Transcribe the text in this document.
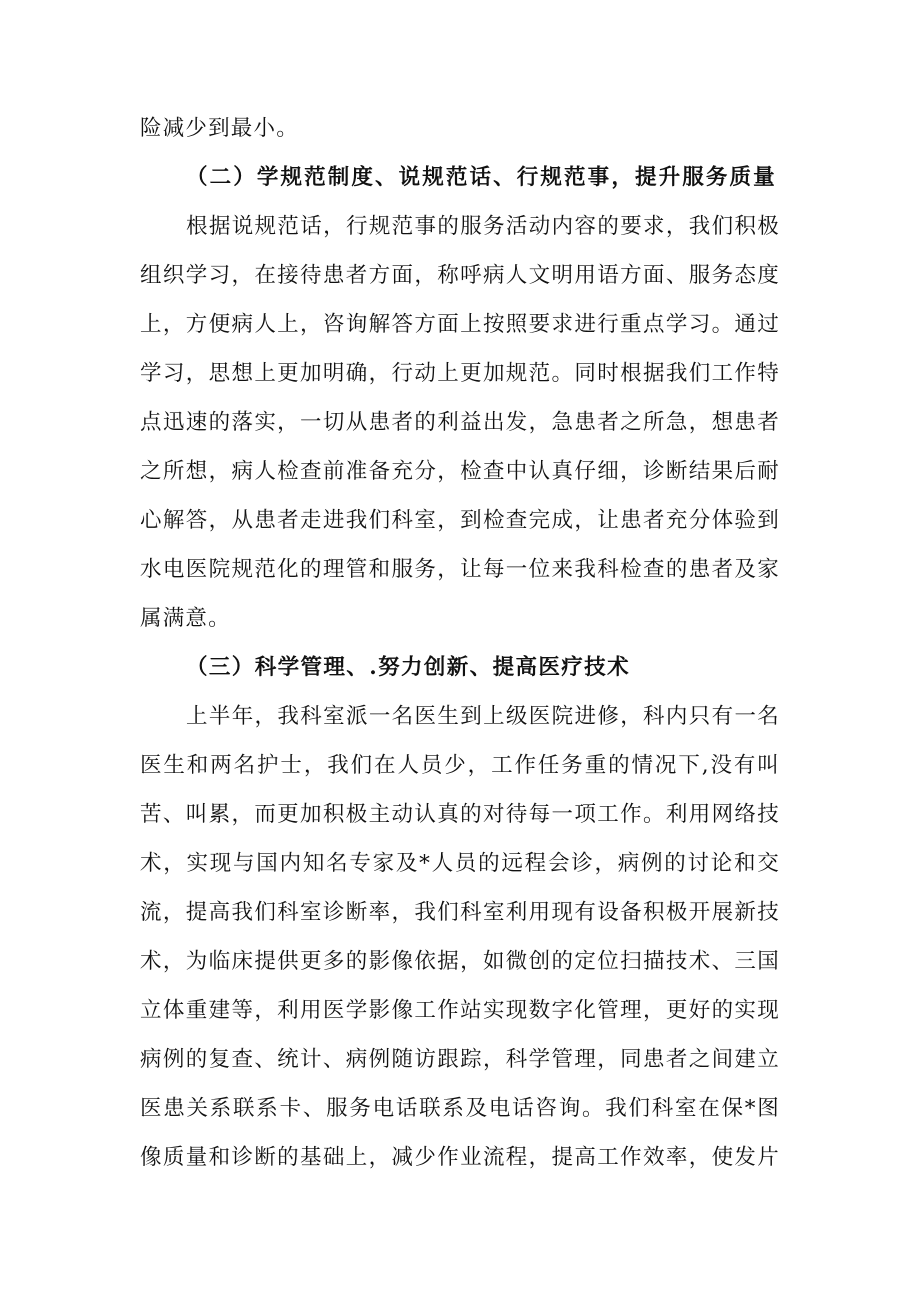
险减少到最小。
（二）学规范制度、说规范话、行规范事，提升服务质量
根据说规范话，行规范事的服务活动内容的要求，我们积极
组织学习，在接待患者方面，称呼病人文明用语方面、服务态度
上，方便病人上，咨询解答方面上按照要求进行重点学习。通过
学习，思想上更加明确，行动上更加规范。同时根据我们工作特
点迅速的落实，一切从患者的利益出发，急患者之所急，想患者
之所想，病人检查前准备充分，检查中认真仔细，诊断结果后耐
心解答，从患者走进我们科室，到检查完成，让患者充分体验到
水电医院规范化的理管和服务，让每一位来我科检查的患者及家
属满意。
（三）科学管理、.努力创新、提高医疗技术
上半年，我科室派一名医生到上级医院进修，科内只有一名
医生和两名护士，我们在人员少，工作任务重的情况下,没有叫
苦、叫累，而更加积极主动认真的对待每一项工作。利用网络技
术，实现与国内知名专家及*人员的远程会诊，病例的讨论和交
流，提高我们科室诊断率，我们科室利用现有设备积极开展新技
术，为临床提供更多的影像依据，如微创的定位扫描技术、三国
立体重建等，利用医学影像工作站实现数字化管理，更好的实现
病例的复查、统计、病例随访跟踪，科学管理，同患者之间建立
医患关系联系卡、服务电话联系及电话咨询。我们科室在保*图
像质量和诊断的基础上，减少作业流程，提高工作效率，使发片
